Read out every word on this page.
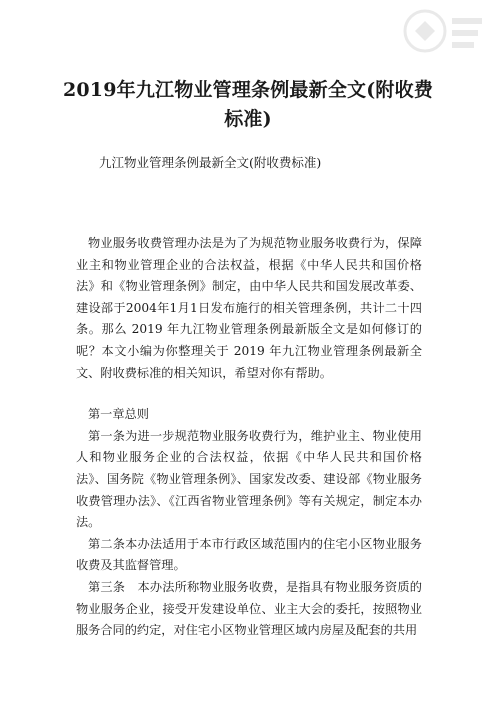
2019年九江物业管理条例最新全文(附收费标准)

九江物业管理条例最新全文(附收费标准)

物业服务收费管理办法是为了为规范物业服务收费行为，保障业主和物业管理企业的合法权益，根据《中华人民共和国价格法》和《物业管理条例》制定，由中华人民共和国发展改革委、建设部于2004年1月1日发布施行的相关管理条例，共计二十四条。那么 2019 年九江物业管理条例最新版全文是如何修订的呢？本文小编为你整理关于 2019 年九江物业管理条例最新全文、附收费标准的相关知识，希望对你有帮助。

第一章总则

第一条为进一步规范物业服务收费行为，维护业主、物业使用人和物业服务企业的合法权益，依据《中华人民共和国价格法》、国务院《物业管理条例》、国家发改委、建设部《物业服务收费管理办法》、《江西省物业管理条例》等有关规定，制定本办法。

第二条本办法适用于本市行政区域范围内的住宅小区物业服务收费及其监督管理。

第三条　本办法所称物业服务收费，是指具有物业服务资质的物业服务企业，接受开发建设单位、业主大会的委托，按照物业服务合同的约定，对住宅小区物业管理区域内房屋及配套的共用
